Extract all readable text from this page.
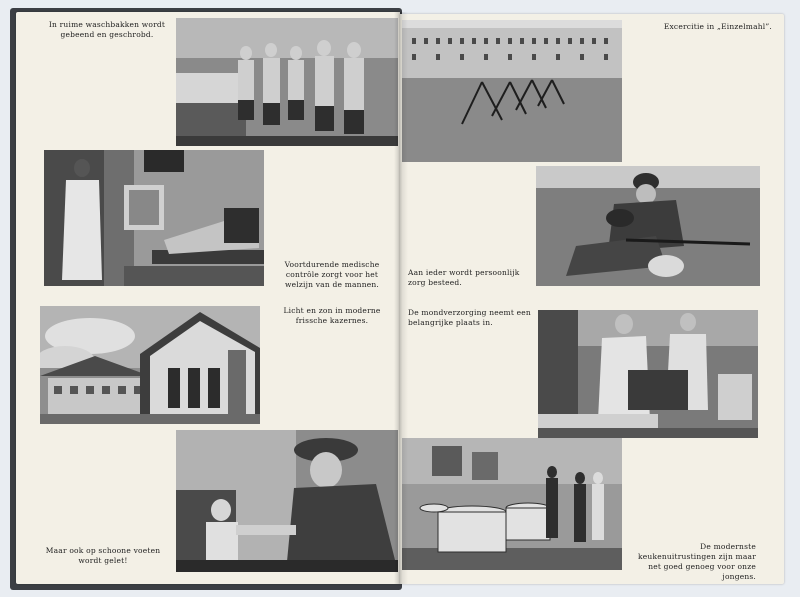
In ruime waschbakken wordt gebeend en geschrobd.
Voortdurende medische contrôle zorgt voor het welzijn van de mannen.
Licht en zon in moderne frissche kazernes.
Maar ook op schoone voeten wordt gelet!
Excercitie in „Einzelmahl”.
Aan ieder wordt persoonlijk zorg besteed.
De mondverzorging neemt een belangrijke plaats in.
De modernste keukenuitrustingen zijn maar net goed genoeg voor onze jongens.
